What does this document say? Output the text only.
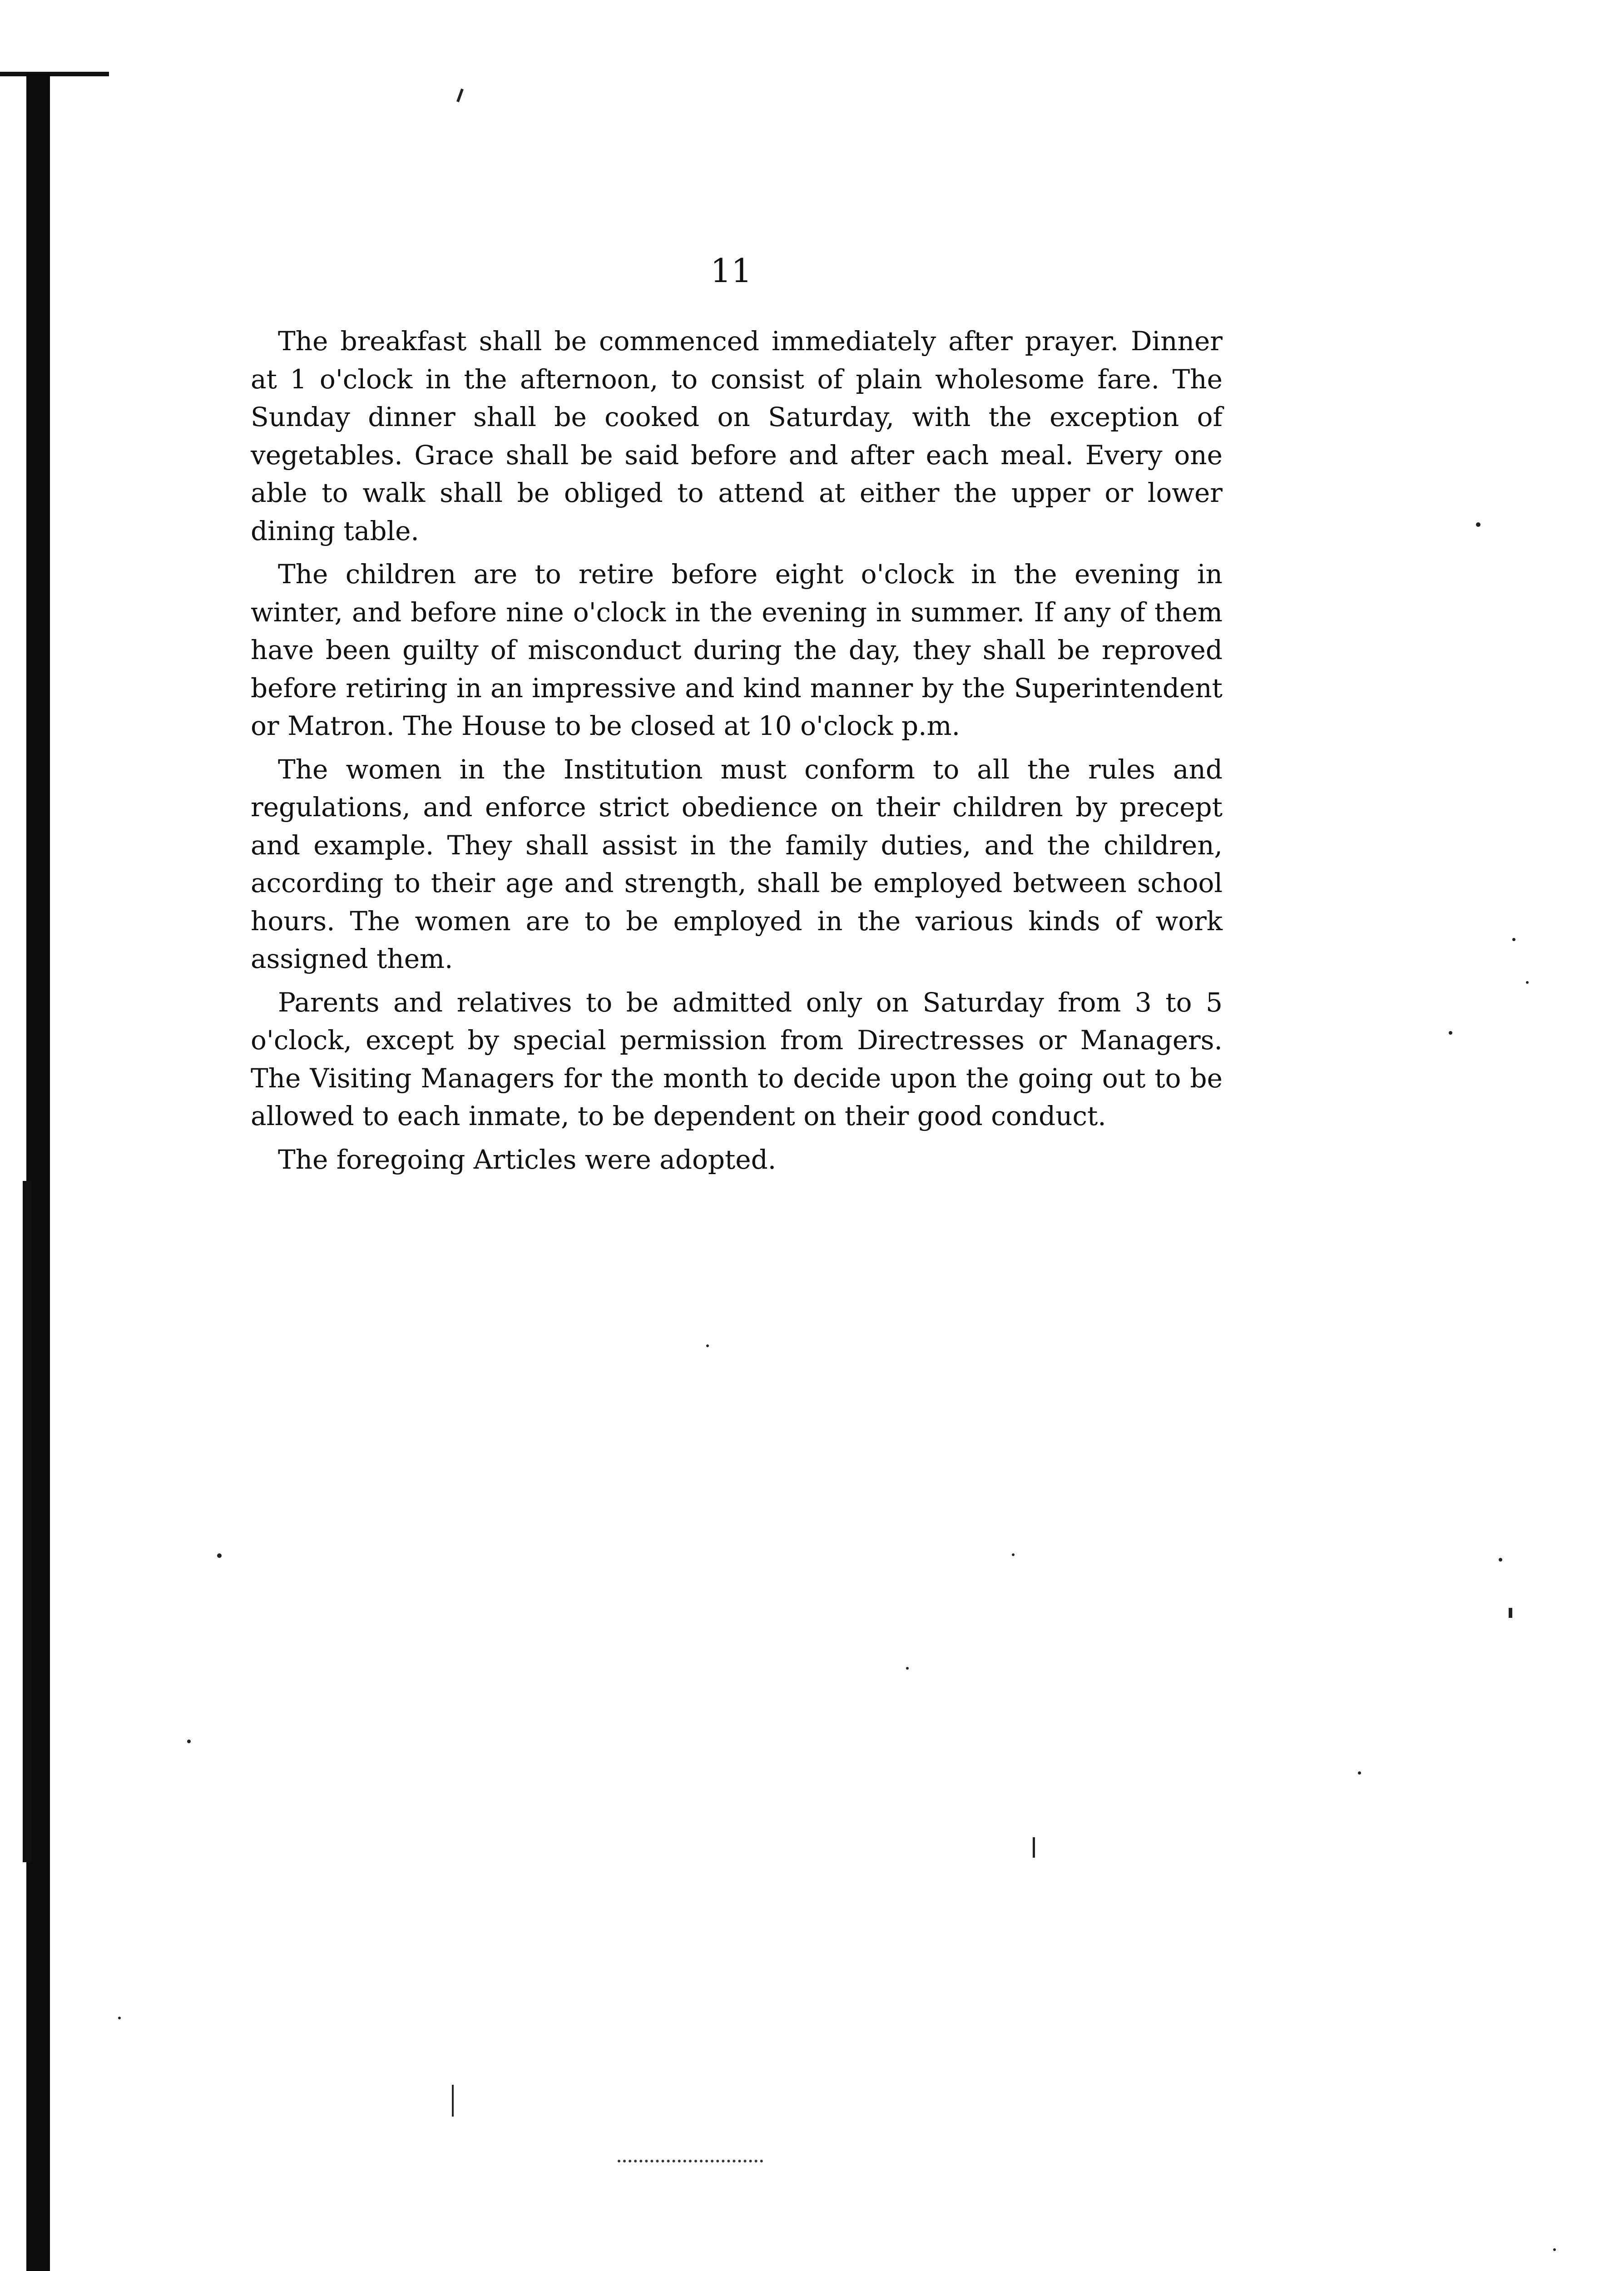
11

The breakfast shall be commenced immediately after prayer. Dinner at 1 o'clock in the afternoon, to consist of plain wholesome fare. The Sunday dinner shall be cooked on Saturday, with the exception of vegetables. Grace shall be said before and after each meal. Every one able to walk shall be obliged to attend at either the upper or lower dining table.

The children are to retire before eight o'clock in the evening in winter, and before nine o'clock in the evening in summer. If any of them have been guilty of misconduct during the day, they shall be reproved before retiring in an impressive and kind manner by the Superintendent or Matron. The House to be closed at 10 o'clock p.m.

The women in the Institution must conform to all the rules and regulations, and enforce strict obedience on their children by precept and example. They shall assist in the family duties, and the children, according to their age and strength, shall be employed between school hours. The women are to be employed in the various kinds of work assigned them.

Parents and relatives to be admitted only on Saturday from 3 to 5 o'clock, except by special permission from Directresses or Managers. The Visiting Managers for the month to decide upon the going out to be allowed to each inmate, to be dependent on their good conduct.

The foregoing Articles were adopted.
